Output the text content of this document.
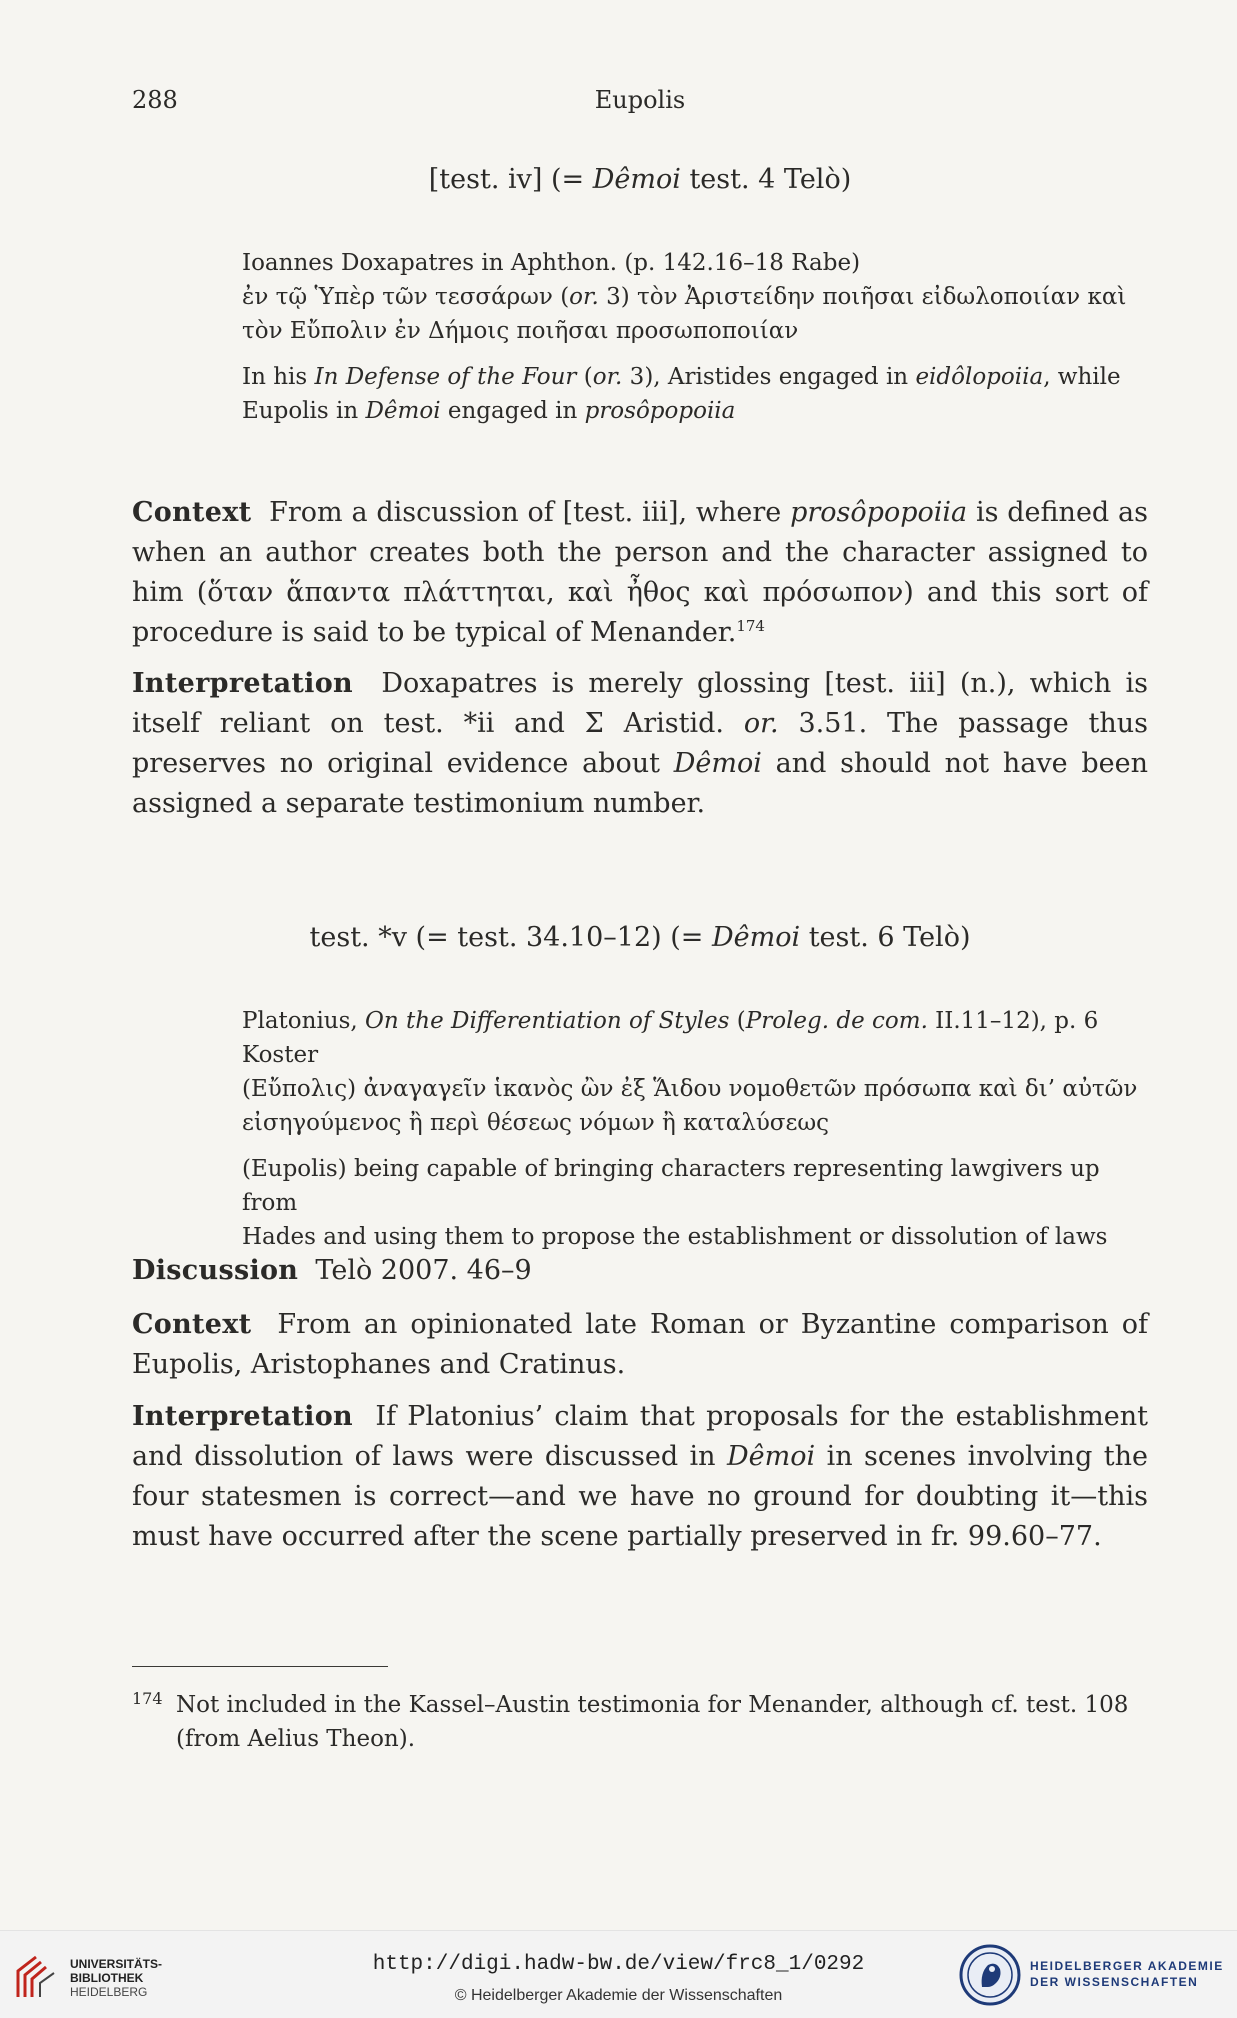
288	Eupolis
[test. iv] (= Dêmoi test. 4 Telò)

Ioannes Doxapatres in Aphthon. (p. 142.16–18 Rabe)

ἐν τῷ Ὑπὲρ τῶν τεσσάρων (or. 3) τὸν Ἀριστείδην ποιῆσαι εἰδωλοποιίαν καὶ

τὸν Εὔπολιν ἐν Δήμοις ποιῆσαι προσωποποιίαν

In his In Defense of the Four (or. 3), Aristides engaged in eidôlopoiia, while

Eupolis in Dêmoi engaged in prosôpopoiia

Context From a discussion of [test. iii], where prosôpopoiia is defined as when an author creates both the person and the character assigned to him (ὅταν ἅπαντα πλάττηται, καὶ ἦθος καὶ πρόσωπον) and this sort of procedure is said to be typical of Menander.$^{174}$

Interpretation Doxapatres is merely glossing [test. iii] (n.), which is itself reliant on test. *ii and Σ Aristid. or. 3.51. The passage thus preserves no original evidence about Dêmoi and should not have been assigned a separate testimonium number.

test. *v (= test. 34.10–12) (= Dêmoi test. 6 Telò)

Platonius, On the Differentiation of Styles (Proleg. de com. II.11–12), p. 6 Koster

(Εὔπολις) ἀναγαγεῖν ἱκανὸς ὢν ἐξ Ἅιδου νομοθετῶν πρόσωπα καὶ δι’ αὐτῶν

εἰσηγούμενος ἢ περὶ θέσεως νόμων ἢ καταλύσεως

(Eupolis) being capable of bringing characters representing lawgivers up from

Hades and using them to propose the establishment or dissolution of laws

Discussion Telò 2007. 46–9

Context From an opinionated late Roman or Byzantine comparison of Eupolis, Aristophanes and Cratinus.

Interpretation If Platonius’ claim that proposals for the establishment and dissolution of laws were discussed in Dêmoi in scenes involving the four statesmen is correct—and we have no ground for doubting it—this must have occurred after the scene partially preserved in fr. 99.60–77.

174 Not included in the Kassel–Austin testimonia for Menander, although cf. test. 108 (from Aelius Theon).
UNIVERSITÄTS-
BIBLIOTHEK
HEIDELBERG
http://digi.hadw-bw.de/view/frc8_1/0292
© Heidelberger Akademie der Wissenschaften
HEIDELBERGER AKADEMIE
DER WISSENSCHAFTEN
